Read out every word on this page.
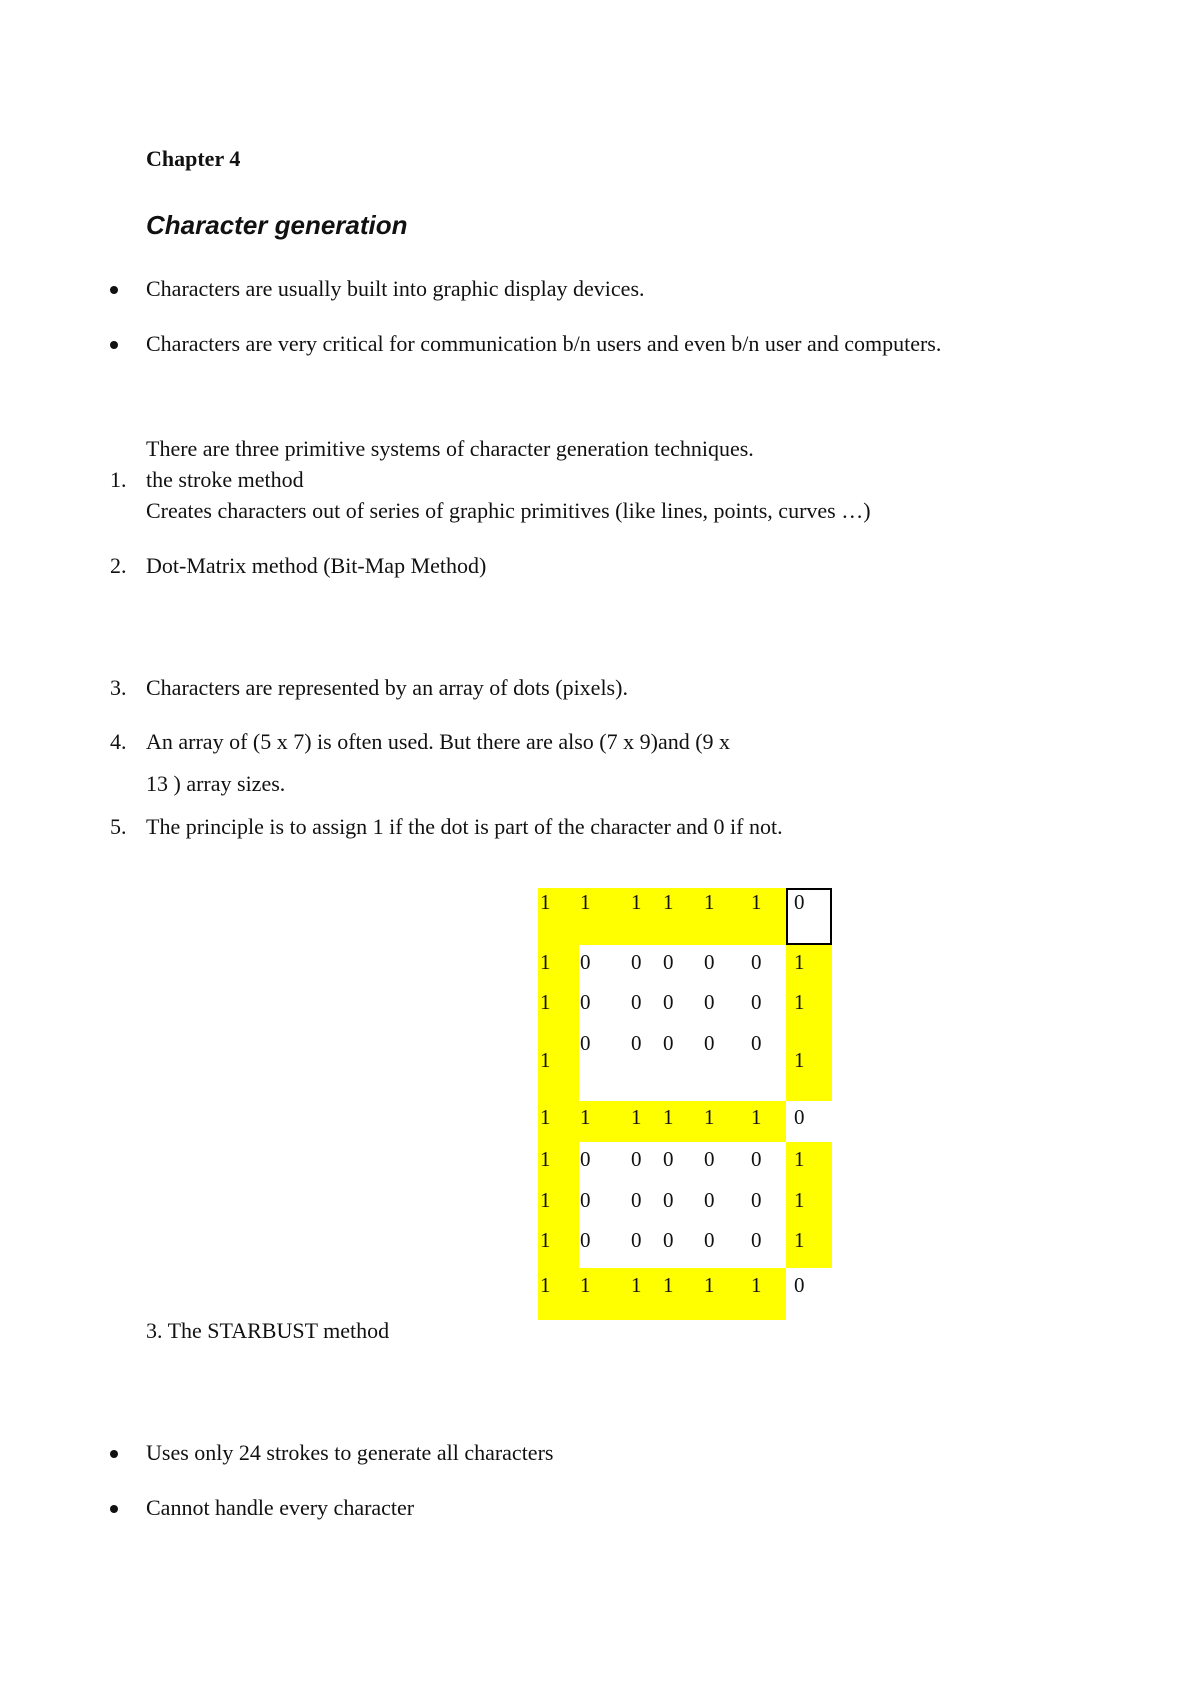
Chapter 4
Character generation
Characters are usually built into graphic display devices.
Characters are very critical for communication b/n users and even b/n user and computers.
There are three primitive systems of character generation techniques.
1. the stroke method
Creates characters out of series of graphic primitives (like lines, points, curves …)
2. Dot-Matrix method (Bit-Map Method)
3. Characters are represented by an array of dots (pixels).
4. An array of (5 x 7) is often used. But there are also (7 x 9)and (9 x
13 ) array sizes.
5. The principle is to assign 1 if the dot is part of the character and 0 if not.
1 1 1 1 1 1 0
1 0 0 0 0 0 1
1 0 0 0 0 0 1
1
0 0 0 0 0
1
1 1 1 1 1 1 0
1 0 0 0 0 0 1
1 0 0 0 0 0 1
1 0 0 0 0 0 1
1 1 1 1 1 1 0
3. The STARBUST method
Uses only 24 strokes to generate all characters
Cannot handle every character
